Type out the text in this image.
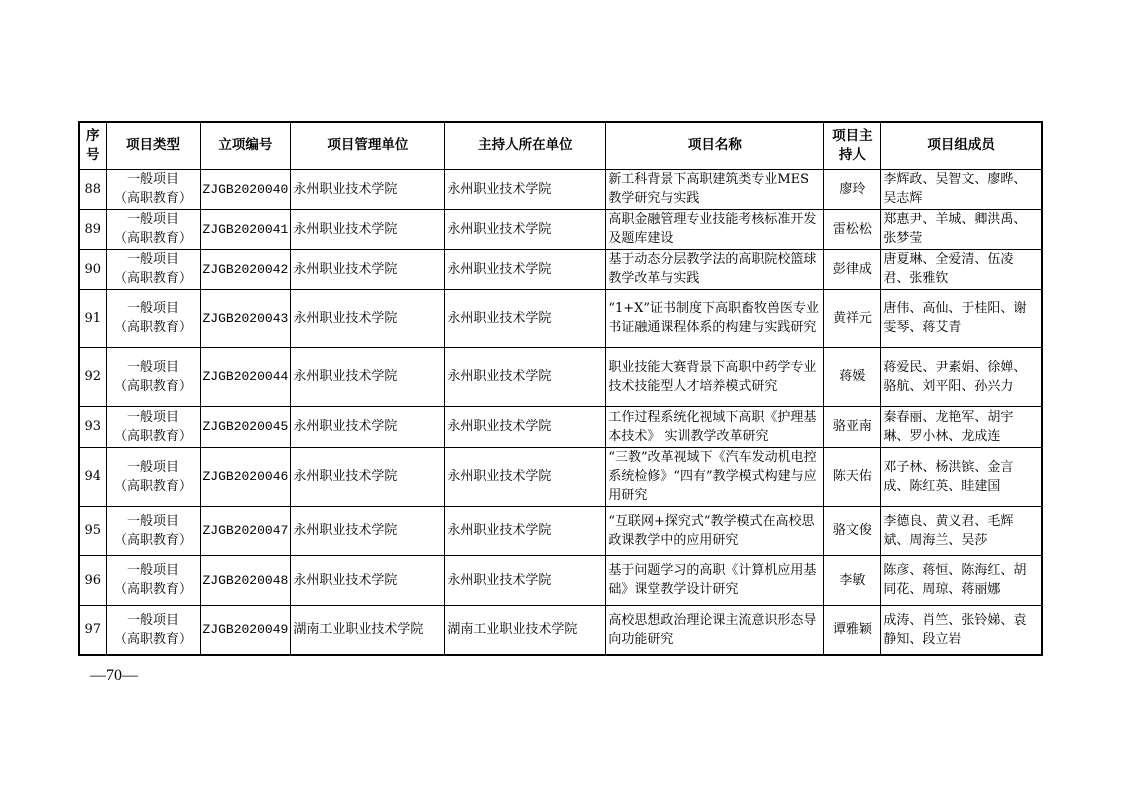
序号	项目类型	立项编号	项目管理单位	主持人所在单位	项目名称	项目主持人	项目组成员

88	一般项目
（高职教育）	ZJGB2020040	永州职业技术学院	永州职业技术学院	新工科背景下高职建筑类专业MES教学研究与实践	廖玲	李辉政、吴智文、廖晔、吴志辉

89	一般项目
（高职教育）	ZJGB2020041	永州职业技术学院	永州职业技术学院	高职金融管理专业技能考核标准开发及题库建设	雷松松	郑惠尹、羊城、卿洪禹、张梦莹

90	一般项目
（高职教育）	ZJGB2020042	永州职业技术学院	永州职业技术学院	基于动态分层教学法的高职院校篮球教学改革与实践	彭律成	唐夏琳、全爱清、伍凌君、张雅钦

91	一般项目
（高职教育）	ZJGB2020043	永州职业技术学院	永州职业技术学院	“1+X”证书制度下高职畜牧兽医专业书证融通课程体系的构建与实践研究	黄祥元	唐伟、高仙、于桂阳、谢雯琴、蒋艾青

92	一般项目
（高职教育）	ZJGB2020044	永州职业技术学院	永州职业技术学院	职业技能大赛背景下高职中药学专业技术技能型人才培养模式研究	蒋媛	蒋爱民、尹素娟、徐婵、骆航、刘平阳、孙兴力

93	一般项目
（高职教育）	ZJGB2020045	永州职业技术学院	永州职业技术学院	工作过程系统化视域下高职《护理基本技术》 实训教学改革研究	骆亚南	秦春丽、龙艳军、胡宇琳、罗小林、龙成连

94	一般项目
（高职教育）	ZJGB2020046	永州职业技术学院	永州职业技术学院	“三教”改革视域下《汽车发动机电控系统检修》“四有”教学模式构建与应用研究	陈天佑	邓子林、杨洪镔、金言成、陈红英、眭建国

95	一般项目
（高职教育）	ZJGB2020047	永州职业技术学院	永州职业技术学院	“互联网+探究式”教学模式在高校思政课教学中的应用研究	骆文俊	李德良、黄义君、毛辉斌、周海兰、吴莎

96	一般项目
（高职教育）	ZJGB2020048	永州职业技术学院	永州职业技术学院	基于问题学习的高职《计算机应用基础》课堂教学设计研究	李敏	陈彦、蒋恒、陈海红、胡同花、周琼、蒋丽娜

97	一般项目
（高职教育）	ZJGB2020049	湖南工业职业技术学院	湖南工业职业技术学院	高校思想政治理论课主流意识形态导向功能研究	谭雅颖	成涛、肖竺、张铃娣、袁静知、段立岩
—70—
